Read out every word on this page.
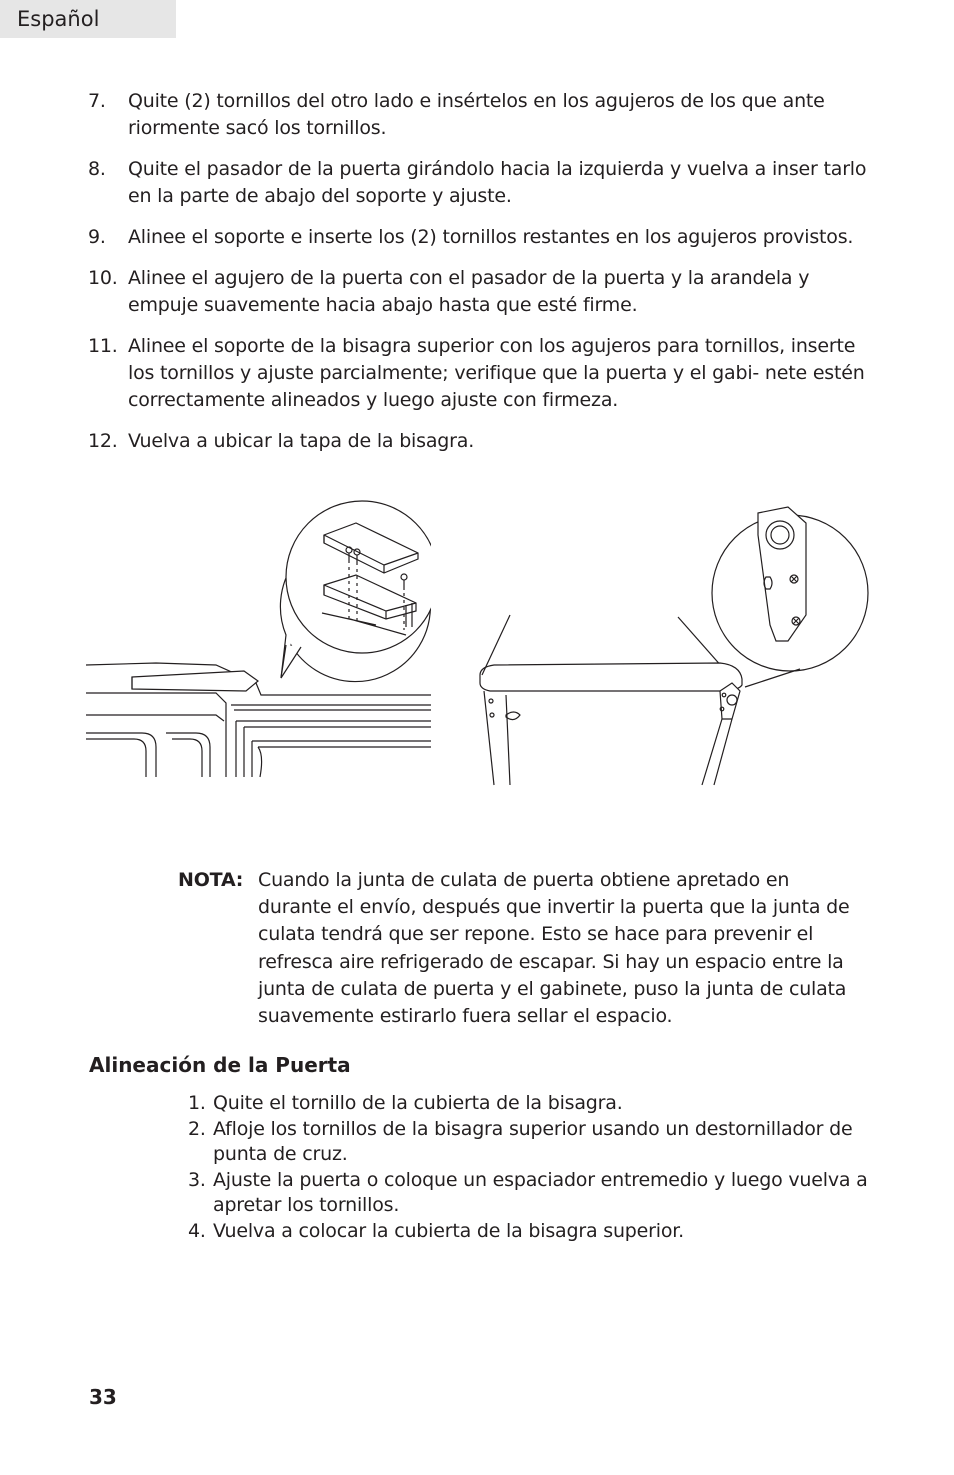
Español
7.	Quite (2) tornillos del otro lado e insértelos en los agujeros de los que ante riormente sacó los tornillos.
8.	Quite el pasador de la puerta girándolo hacia la izquierda y vuelva a inser tarlo en la parte de abajo del soporte y ajuste.
9.	Alinee el soporte e inserte los (2) tornillos restantes en los agujeros provistos.
10. Alinee el agujero de la puerta con el pasador de la puerta y la arandela y empuje suavemente hacia abajo hasta que esté firme.
11. Alinee el soporte de la bisagra superior con los agujeros para tornillos, inserte los tornillos y ajuste parcialmente; verifique que la puerta y el gabi- nete estén correctamente alineados y luego ajuste con firmeza.
12. Vuelva a ubicar la tapa de la bisagra.
NOTA: Cuando la junta de culata de puerta obtiene apretado en durante el envío, después que invertir la puerta que la junta de culata tendrá que ser repone. Esto se hace para prevenir el refresca aire refrigerado de escapar. Si hay un espacio entre la junta de culata de puerta y el gabinete, puso la junta de culata suavemente estirarlo fuera sellar el espacio.
Alineación de la Puerta
1. Quite el tornillo de la cubierta de la bisagra.
2. Afloje los tornillos de la bisagra superior usando un destornillador de punta de cruz.
3. Ajuste la puerta o coloque un espaciador entremedio y luego vuelva a apretar los tornillos.
4. Vuelva a colocar la cubierta de la bisagra superior.
33
